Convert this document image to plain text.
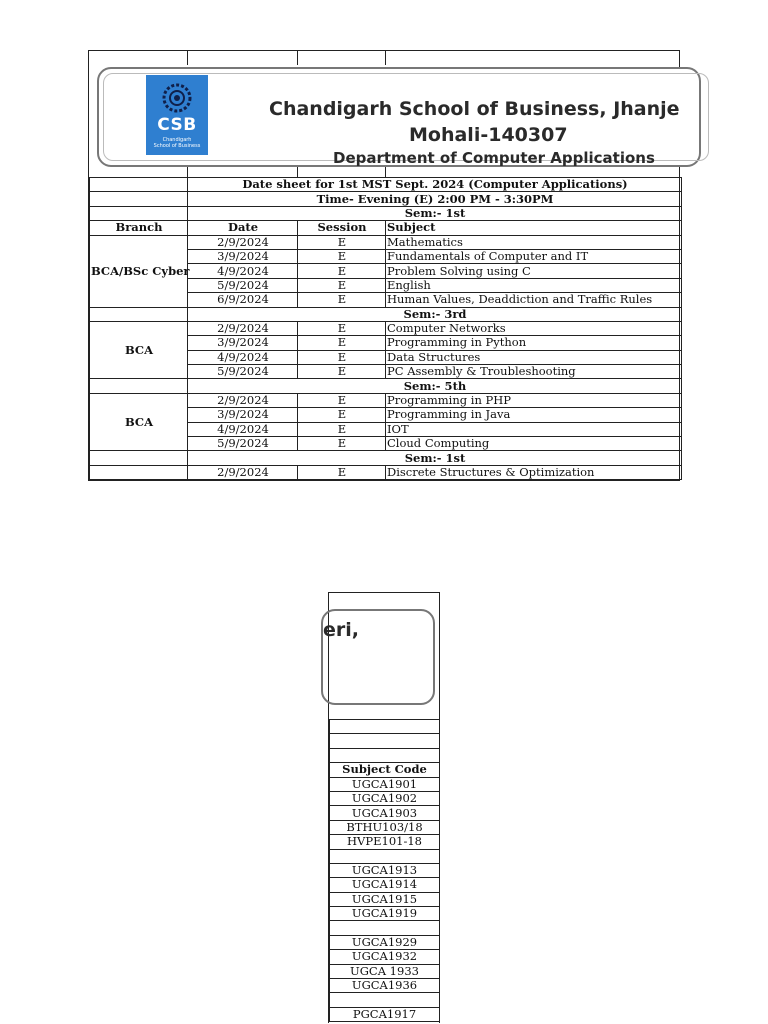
CSB
Chandigarh
School of Business
Chandigarh School of Business, Jhanje
Mohali-140307
Department of Computer Applications
	Date sheet for 1st MST Sept. 2024 (Computer Applications)		
	Time- Evening (E) 2:00 PM - 3:30PM		
	Sem:- 1st		
Branch	Date	Session	Subject
BCA/BSc Cyber	2/9/2024	E	Mathematics
	3/9/2024	E	Fundamentals of Computer and IT
	4/9/2024	E	Problem Solving using C
	5/9/2024	E	English
	6/9/2024	E	Human Values, Deaddiction and Traffic Rules
	Sem:- 3rd		
BCA	2/9/2024	E	Computer Networks
	3/9/2024	E	Programming in Python
	4/9/2024	E	Data Structures
	5/9/2024	E	PC Assembly & Troubleshooting
	Sem:- 5th		
BCA	2/9/2024	E	Programming in PHP
	3/9/2024	E	Programming in Java
	4/9/2024	E	IOT
	5/9/2024	E	Cloud Computing
	Sem:- 1st		
	2/9/2024	E	Discrete Structures & Optimization
eri,

Subject Code
UGCA1901
UGCA1902
UGCA1903
BTHU103/18
HVPE101-18

UGCA1913
UGCA1914
UGCA1915
UGCA1919

UGCA1929
UGCA1932
UGCA 1933
UGCA1936

PGCA1917
